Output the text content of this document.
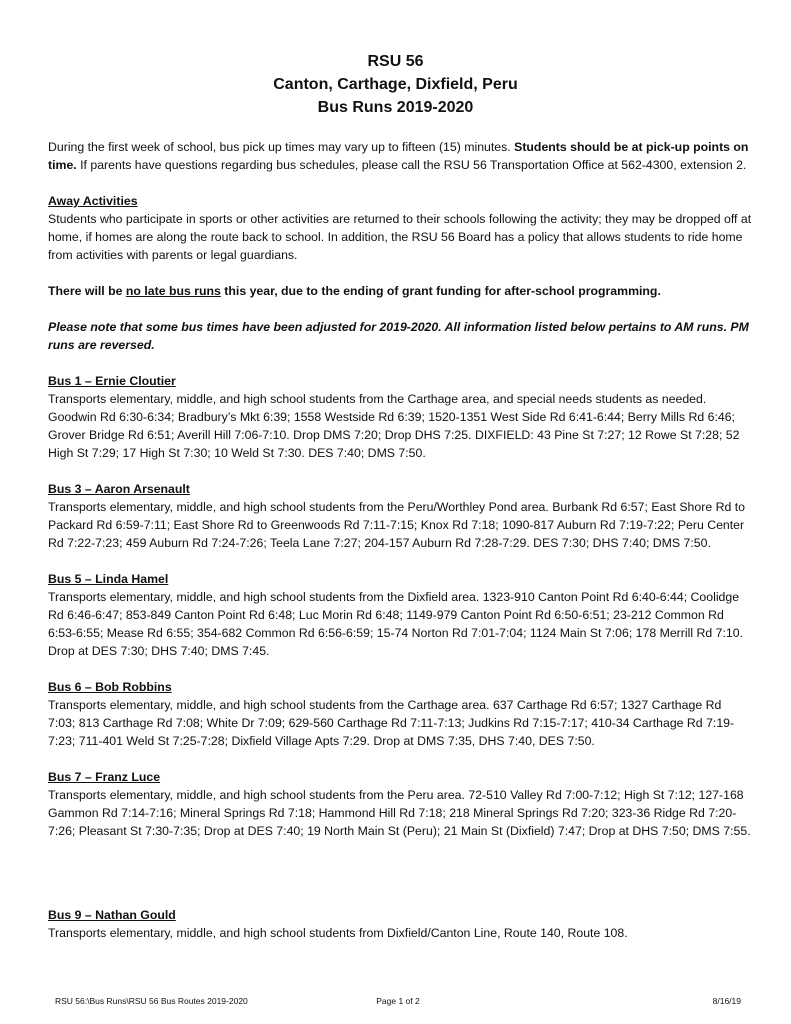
RSU 56
Canton, Carthage, Dixfield, Peru
Bus Runs 2019-2020
During the first week of school, bus pick up times may vary up to fifteen (15) minutes. Students should be at pick-up points on time. If parents have questions regarding bus schedules, please call the RSU 56 Transportation Office at 562-4300, extension 2.
Away Activities
Students who participate in sports or other activities are returned to their schools following the activity; they may be dropped off at home, if homes are along the route back to school. In addition, the RSU 56 Board has a policy that allows students to ride home from activities with parents or legal guardians.
There will be no late bus runs this year, due to the ending of grant funding for after-school programming.
Please note that some bus times have been adjusted for 2019-2020. All information listed below pertains to AM runs. PM runs are reversed.
Bus 1 – Ernie Cloutier
Transports elementary, middle, and high school students from the Carthage area, and special needs students as needed. Goodwin Rd 6:30-6:34; Bradbury’s Mkt 6:39; 1558 Westside Rd 6:39; 1520-1351 West Side Rd 6:41-6:44; Berry Mills Rd 6:46; Grover Bridge Rd 6:51; Averill Hill 7:06-7:10. Drop DMS 7:20; Drop DHS 7:25. DIXFIELD: 43 Pine St 7:27; 12 Rowe St 7:28; 52 High St 7:29; 17 High St 7:30; 10 Weld St 7:30. DES 7:40; DMS 7:50.
Bus 3 – Aaron Arsenault
Transports elementary, middle, and high school students from the Peru/Worthley Pond area. Burbank Rd 6:57; East Shore Rd to Packard Rd 6:59-7:11; East Shore Rd to Greenwoods Rd 7:11-7:15; Knox Rd 7:18; 1090-817 Auburn Rd 7:19-7:22; Peru Center Rd 7:22-7:23; 459 Auburn Rd 7:24-7:26; Teela Lane 7:27; 204-157 Auburn Rd 7:28-7:29. DES 7:30; DHS 7:40; DMS 7:50.
Bus 5 – Linda Hamel
Transports elementary, middle, and high school students from the Dixfield area. 1323-910 Canton Point Rd 6:40-6:44; Coolidge Rd 6:46-6:47; 853-849 Canton Point Rd 6:48; Luc Morin Rd 6:48; 1149-979 Canton Point Rd 6:50-6:51; 23-212 Common Rd 6:53-6:55; Mease Rd 6:55; 354-682 Common Rd 6:56-6:59; 15-74 Norton Rd 7:01-7:04; 1124 Main St 7:06; 178 Merrill Rd 7:10. Drop at DES 7:30; DHS 7:40; DMS 7:45.
Bus 6 – Bob Robbins
Transports elementary, middle, and high school students from the Carthage area. 637 Carthage Rd 6:57; 1327 Carthage Rd 7:03; 813 Carthage Rd 7:08; White Dr 7:09; 629-560 Carthage Rd 7:11-7:13; Judkins Rd 7:15-7:17; 410-34 Carthage Rd 7:19-7:23; 711-401 Weld St 7:25-7:28; Dixfield Village Apts 7:29. Drop at DMS 7:35, DHS 7:40, DES 7:50.
Bus 7 – Franz Luce
Transports elementary, middle, and high school students from the Peru area. 72-510 Valley Rd 7:00-7:12; High St 7:12; 127-168 Gammon Rd 7:14-7:16; Mineral Springs Rd 7:18; Hammond Hill Rd 7:18; 218 Mineral Springs Rd 7:20; 323-36 Ridge Rd 7:20-7:26; Pleasant St 7:30-7:35; Drop at DES 7:40; 19 North Main St (Peru); 21 Main St (Dixfield) 7:47; Drop at DHS 7:50; DMS 7:55.
Bus 9 – Nathan Gould
Transports elementary, middle, and high school students from Dixfield/Canton Line, Route 140, Route 108.
RSU 56:\Bus Runs\RSU 56 Bus Routes 2019-2020	Page 1 of 2	8/16/19
